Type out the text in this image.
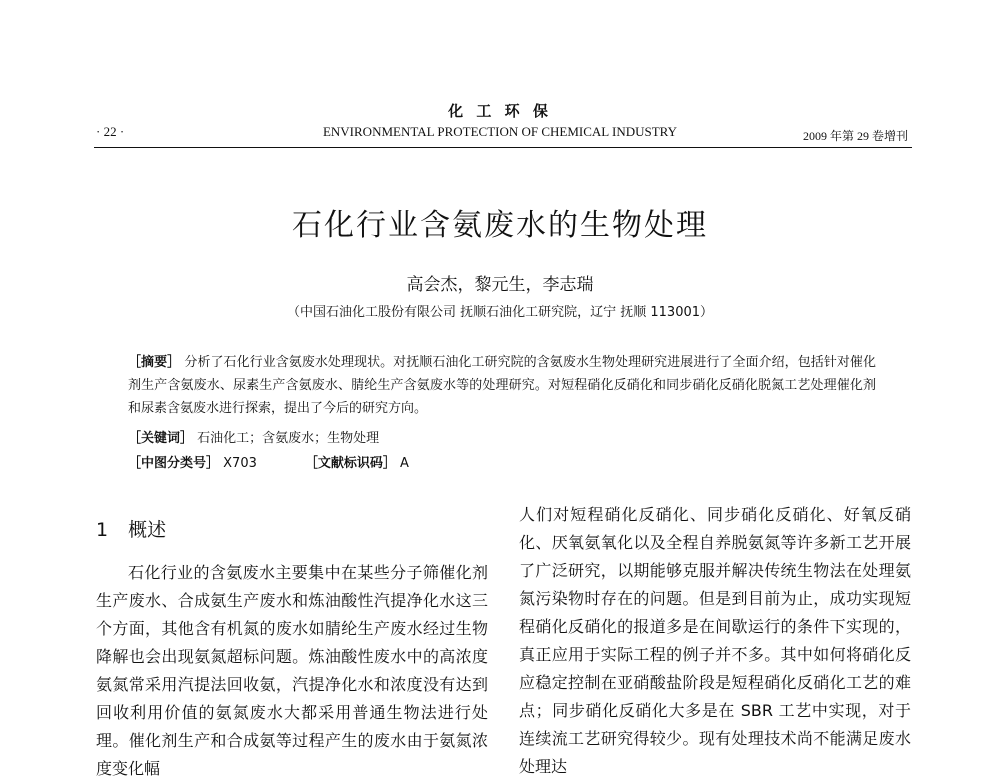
化 工 环 保
· 22 ·	ENVIRONMENTAL PROTECTION OF CHEMICAL INDUSTRY	2009 年第 29 卷增刊
石化行业含氨废水的生物处理
高会杰，黎元生，李志瑞
（中国石油化工股份有限公司 抚顺石油化工研究院，辽宁 抚顺 113001）
［摘要］ 分析了石化行业含氨废水处理现状。对抚顺石油化工研究院的含氨废水生物处理研究进展进行了全面介绍，包括针对催化剂生产含氨废水、尿素生产含氨废水、腈纶生产含氨废水等的处理研究。对短程硝化反硝化和同步硝化反硝化脱氮工艺处理催化剂和尿素含氨废水进行探索，提出了今后的研究方向。
［关键词］ 石油化工；含氨废水；生物处理
［中图分类号］ X703	［文献标识码］ A
1 概述

石化行业的含氨废水主要集中在某些分子筛催化剂生产废水、合成氨生产废水和炼油酸性汽提净化水这三个方面，其他含有机氮的废水如腈纶生产废水经过生物降解也会出现氨氮超标问题。炼油酸性废水中的高浓度氨氮常采用汽提法回收氨，汽提净化水和浓度没有达到回收利用价值的氨氮废水大都采用普通生物法进行处理。催化剂生产和合成氨等过程产生的废水由于氨氮浓度变化幅

人们对短程硝化反硝化、同步硝化反硝化、好氧反硝化、厌氧氨氧化以及全程自养脱氨氮等许多新工艺开展了广泛研究，以期能够克服并解决传统生物法在处理氨氮污染物时存在的问题。但是到目前为止，成功实现短程硝化反硝化的报道多是在间歇运行的条件下实现的，真正应用于实际工程的例子并不多。其中如何将硝化反应稳定控制在亚硝酸盐阶段是短程硝化反硝化工艺的难点；同步硝化反硝化大多是在 SBR 工艺中实现，对于连续流工艺研究得较少。现有处理技术尚不能满足废水处理达
